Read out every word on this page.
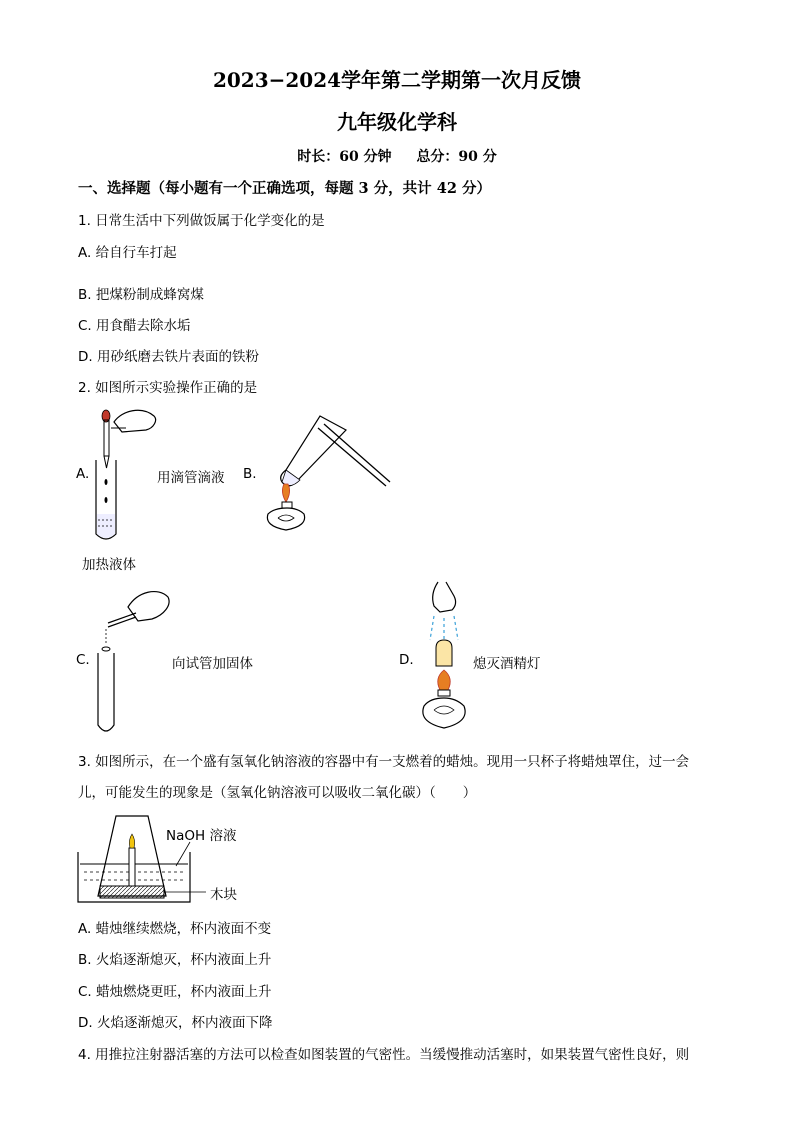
2023−2024学年第二学期第一次月反馈
九年级化学科
时长：60 分钟 总分：90 分
一、选择题（每小题有一个正确选项，每题 3 分，共计 42 分）
1. 日常生活中下列做饭属于化学变化的是
A. 给自行车打起
B. 把煤粉制成蜂窝煤
C. 用食醋去除水垢
D. 用砂纸磨去铁片表面的铁粉
2. 如图所示实验操作正确的是
A.	用滴管滴液 B.
加热液体
C.	向试管加固体	D.	熄灭酒精灯
3. 如图所示，在一个盛有氢氧化钠溶液的容器中有一支燃着的蜡烛。现用一只杯子将蜡烛罩住，过一会
儿，可能发生的现象是（氢氧化钠溶液可以吸收二氧化碳）（　　）
NaOH 溶液
木块
A. 蜡烛继续燃烧，杯内液面不变
B. 火焰逐渐熄灭，杯内液面上升
C. 蜡烛燃烧更旺，杯内液面上升
D. 火焰逐渐熄灭，杯内液面下降
4. 用推拉注射器活塞的方法可以检查如图装置的气密性。当缓慢推动活塞时，如果装置气密性良好，则
